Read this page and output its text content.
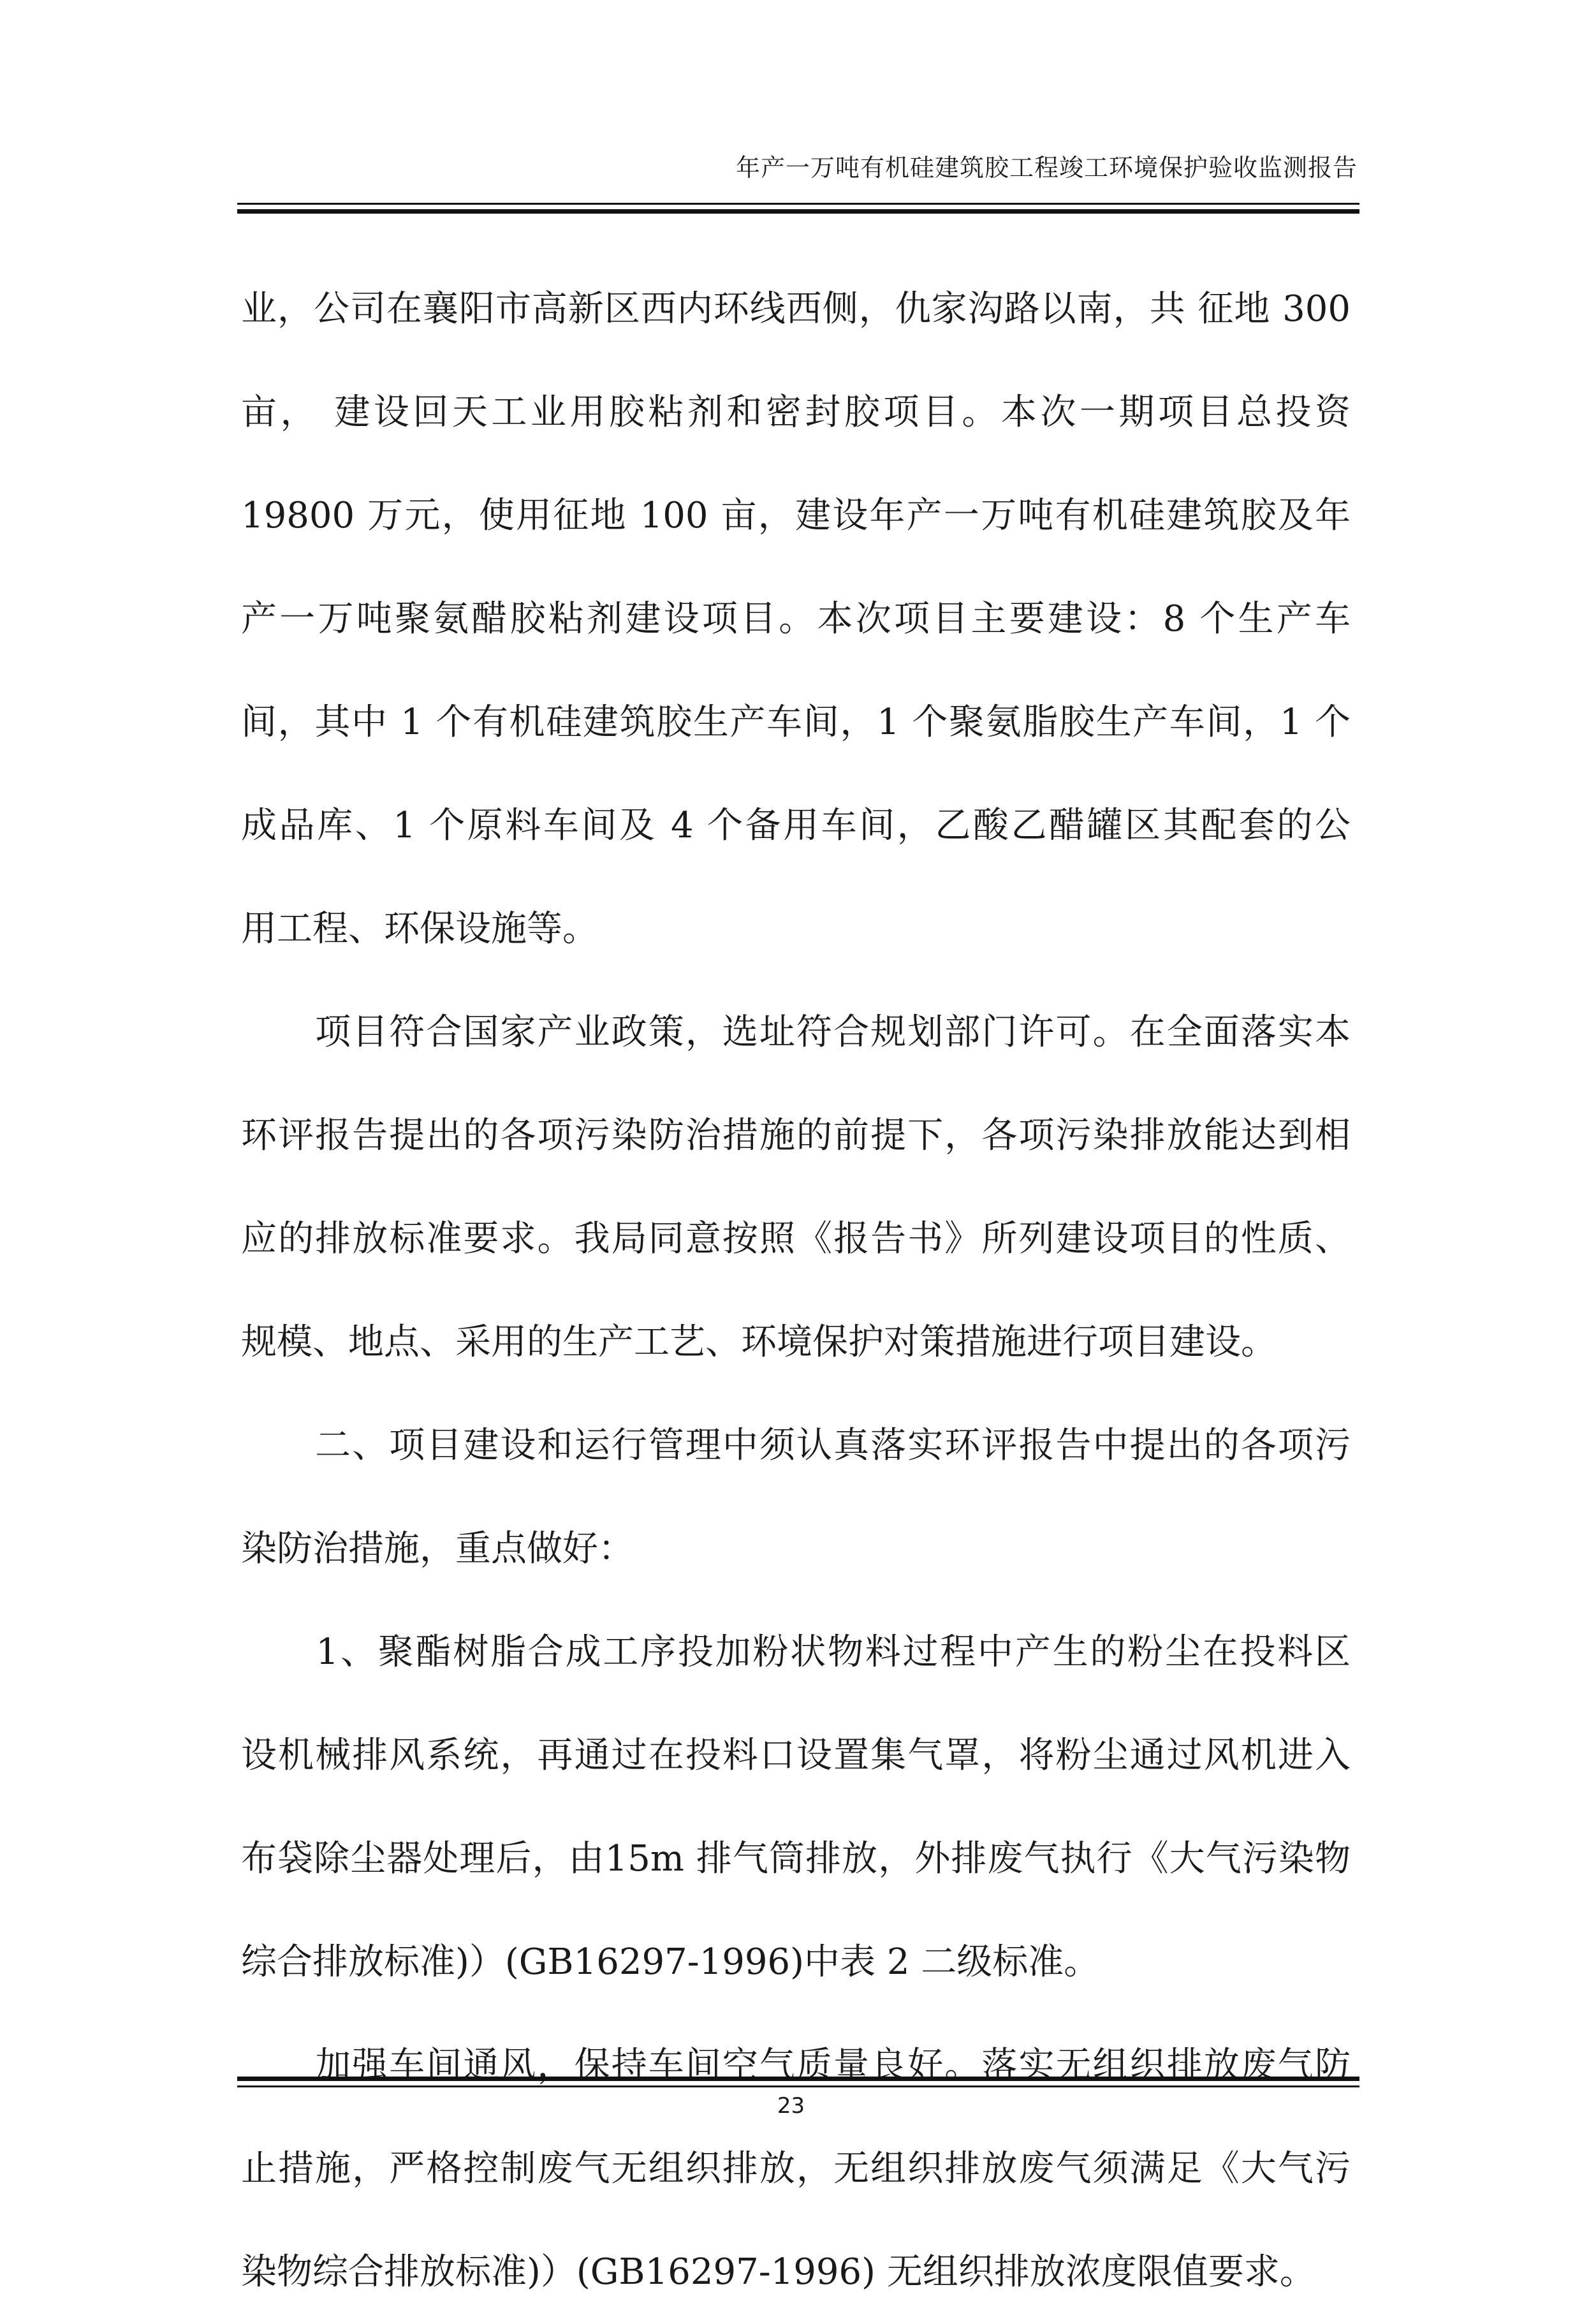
年产一万吨有机硅建筑胶工程竣工环境保护验收监测报告
业，公司在襄阳市高新区西内环线西侧，仇家沟路以南，共 征地 300
亩， 建设回天工业用胶粘剂和密封胶项目。本次一期项目总投资
19800 万元，使用征地 100 亩，建设年产一万吨有机硅建筑胶及年
产一万吨聚氨醋胶粘剂建设项目。本次项目主要建设：8 个生产车
间，其中 1 个有机硅建筑胶生产车间，1 个聚氨脂胶生产车间，1 个
成品库、1 个原料车间及 4 个备用车间，乙酸乙醋罐区其配套的公
用工程、环保设施等。
　　项目符合国家产业政策，选址符合规划部门许可。在全面落实本
环评报告提出的各项污染防治措施的前提下，各项污染排放能达到相
应的排放标准要求。我局同意按照《报告书》所列建设项目的性质、
规模、地点、采用的生产工艺、环境保护对策措施进行项目建设。
　　二、项目建设和运行管理中须认真落实环评报告中提出的各项污
染防治措施，重点做好：
　　1、聚酯树脂合成工序投加粉状物料过程中产生的粉尘在投料区
设机械排风系统，再通过在投料口设置集气罩，将粉尘通过风机进入
布袋除尘器处理后，由15m 排气筒排放，外排废气执行《大气污染物
综合排放标准)）(GB16297-1996)中表 2 二级标准。
　　加强车间通风，保持车间空气质量良好。落实无组织排放废气防
止措施，严格控制废气无组织排放，无组织排放废气须满足《大气污
染物综合排放标准)）(GB16297-1996) 无组织排放浓度限值要求。
23
